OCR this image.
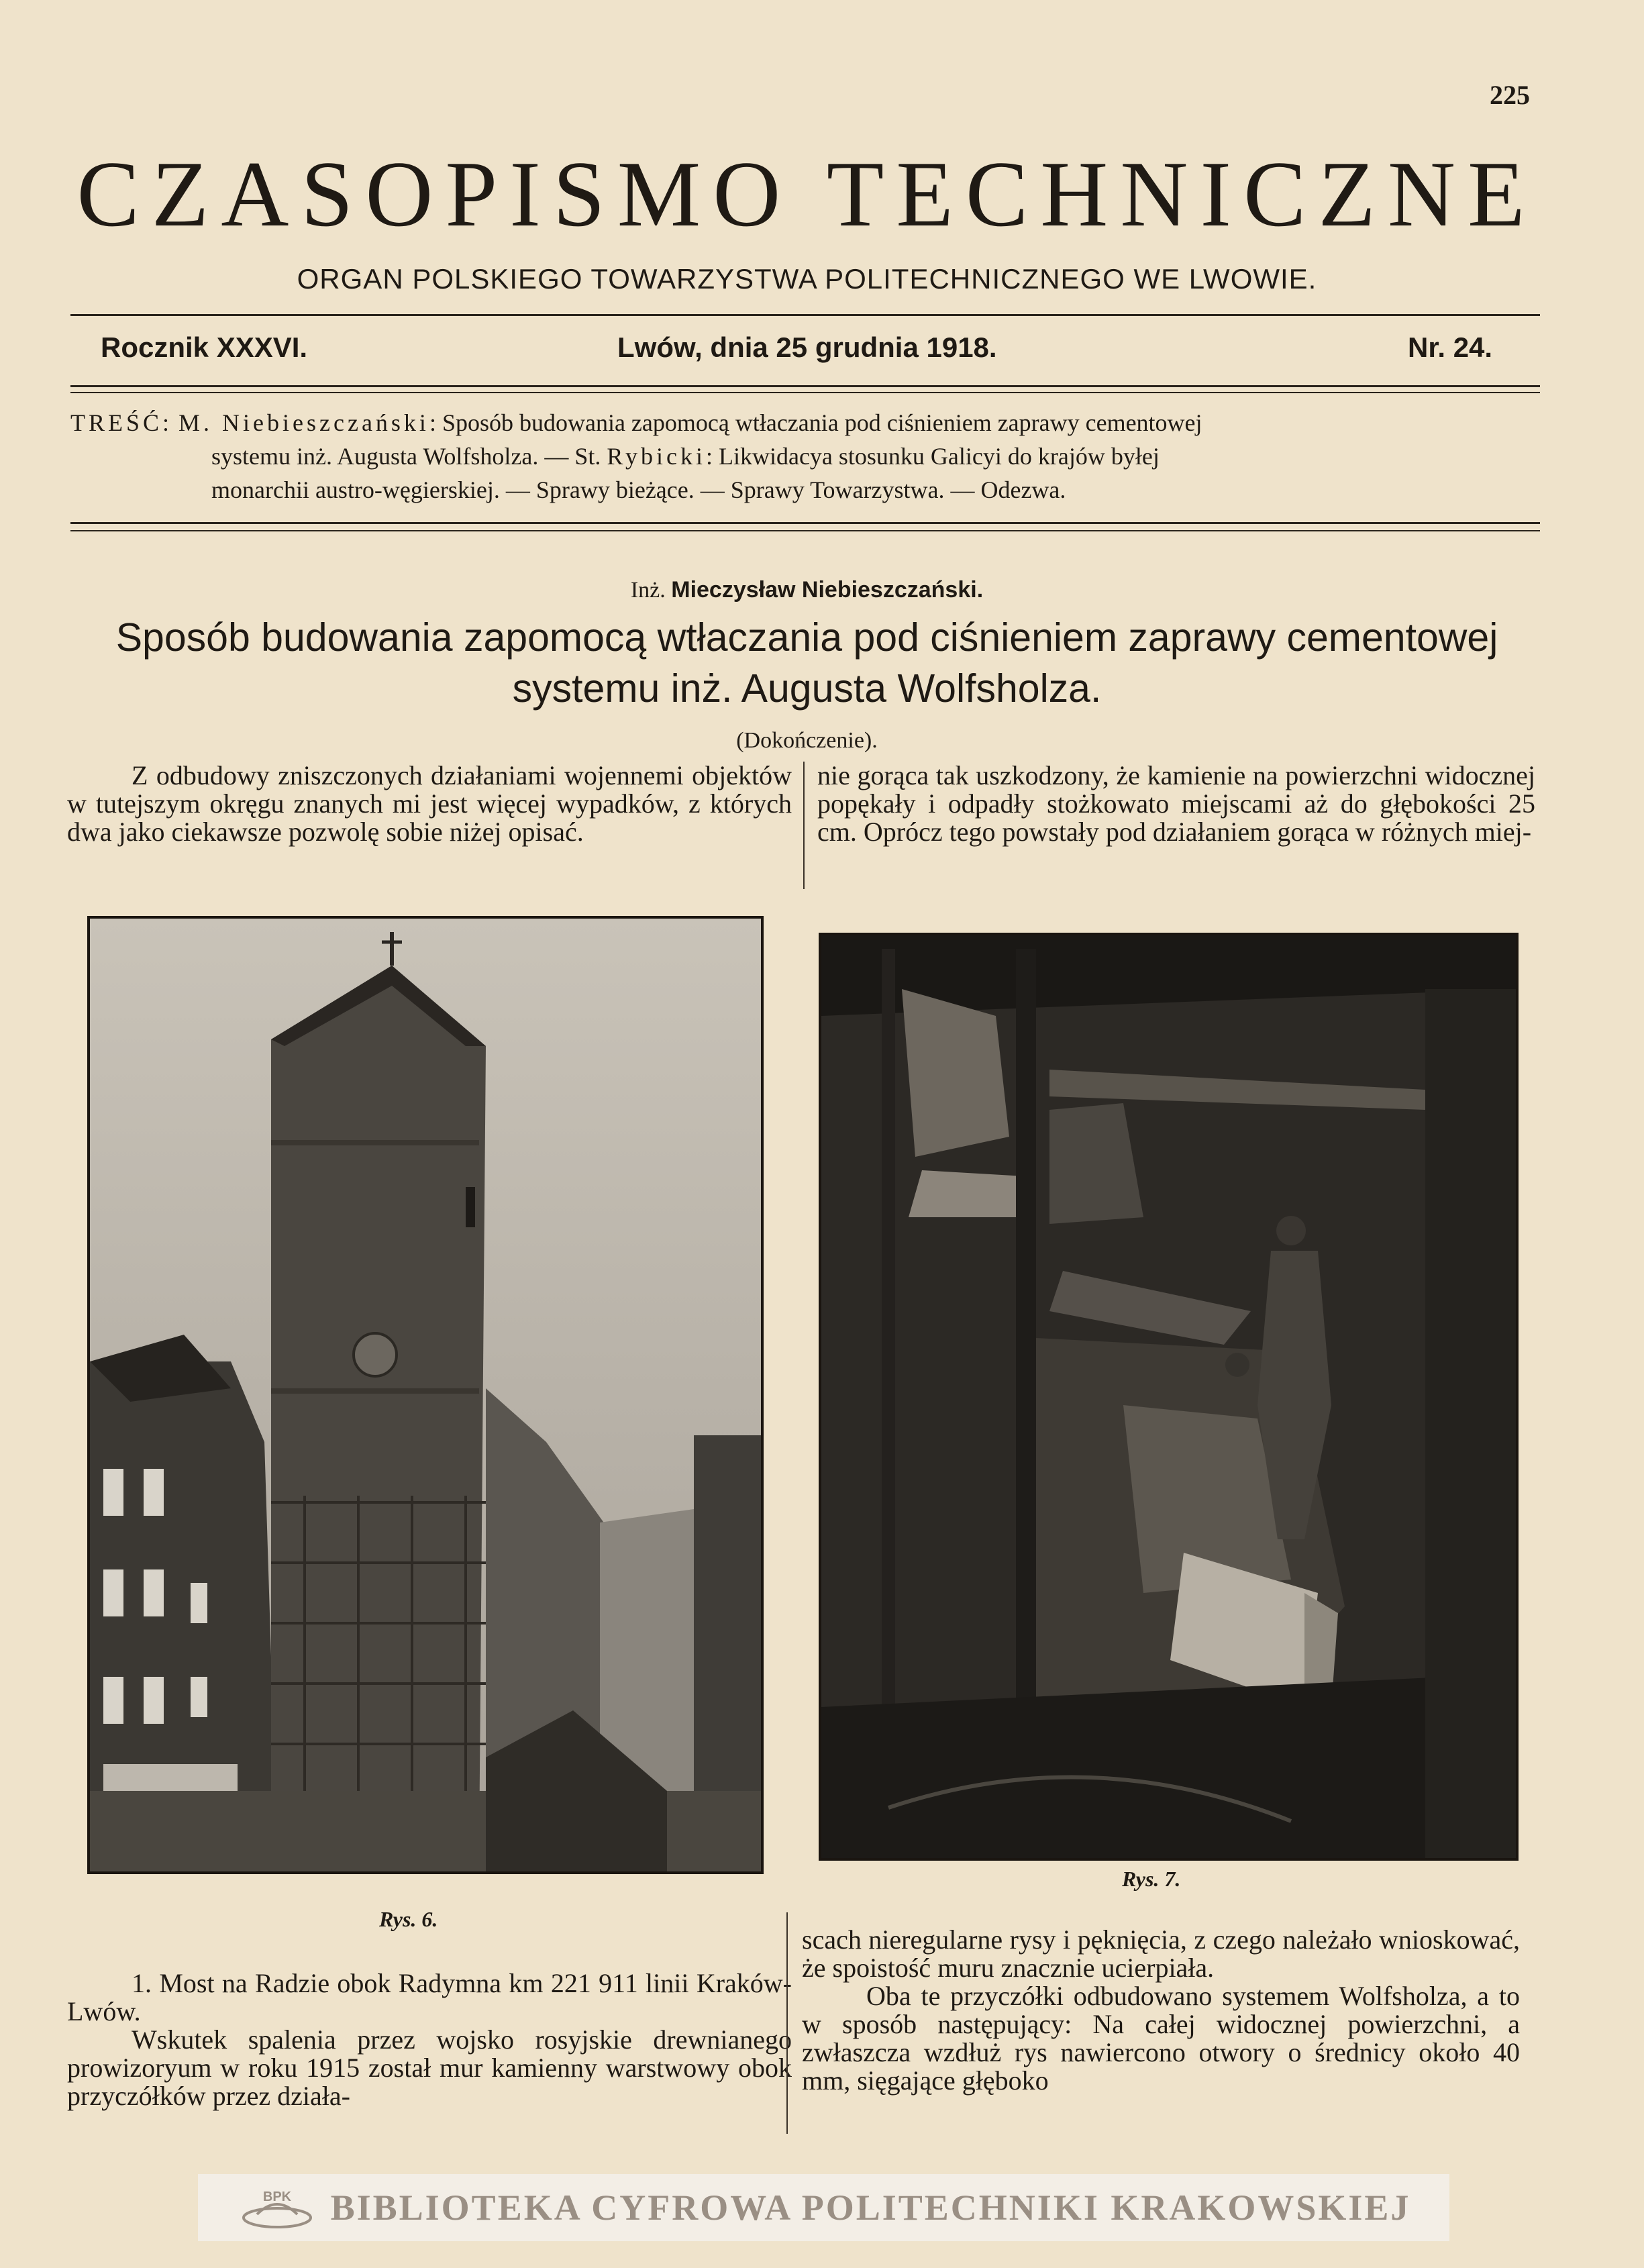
225
CZASOPISMO TECHNICZNE
ORGAN POLSKIEGO TOWARZYSTWA POLITECHNICZNEGO WE LWOWIE.
Rocznik XXXVI.	Lwów, dnia 25 grudnia 1918.	Nr. 24.
TREŚĆ: M. Niebieszczański: Sposób budowania zapomocą wtłaczania pod ciśnieniem zaprawy cementowej
systemu inż. Augusta Wolfsholza. — St. Rybicki: Likwidacya stosunku Galicyi do krajów byłej
monarchii austro-węgierskiej. — Sprawy bieżące. — Sprawy Towarzystwa. — Odezwa.
Inż. Mieczysław Niebieszczański.
Sposób budowania zapomocą wtłaczania pod ciśnieniem zaprawy cementowej
systemu inż. Augusta Wolfsholza.
(Dokończenie).

Z odbudowy zniszczonych działaniami wojennemi objektów w tutejszym okręgu znanych mi jest więcej wypadków, z których dwa jako ciekawsze pozwolę sobie niżej opisać.

nie gorąca tak uszkodzony, że kamienie na powierzchni widocznej popękały i odpadły stożkowato miejscami aż do głębokości 25 cm. Oprócz tego powstały pod działaniem gorąca w różnych miej-

Rys. 6.
Rys. 7.

1. Most na Radzie obok Radymna km 221 911 linii Kraków-Lwów.

Wskutek spalenia przez wojsko rosyjskie drewnianego prowizoryum w roku 1915 został mur kamienny warstwowy obok przyczółków przez działa-

scach nieregularne rysy i pęknięcia, z czego należało wnioskować, że spoistość muru znacznie ucierpiała.

Oba te przyczółki odbudowano systemem Wolfsholza, a to w sposób następujący: Na całej widocznej powierzchni, a zwłaszcza wzdłuż rys nawiercono otwory o średnicy około 40 mm, sięgające głęboko

BPK BIBLIOTEKA CYFROWA POLITECHNIKI KRAKOWSKIEJ
